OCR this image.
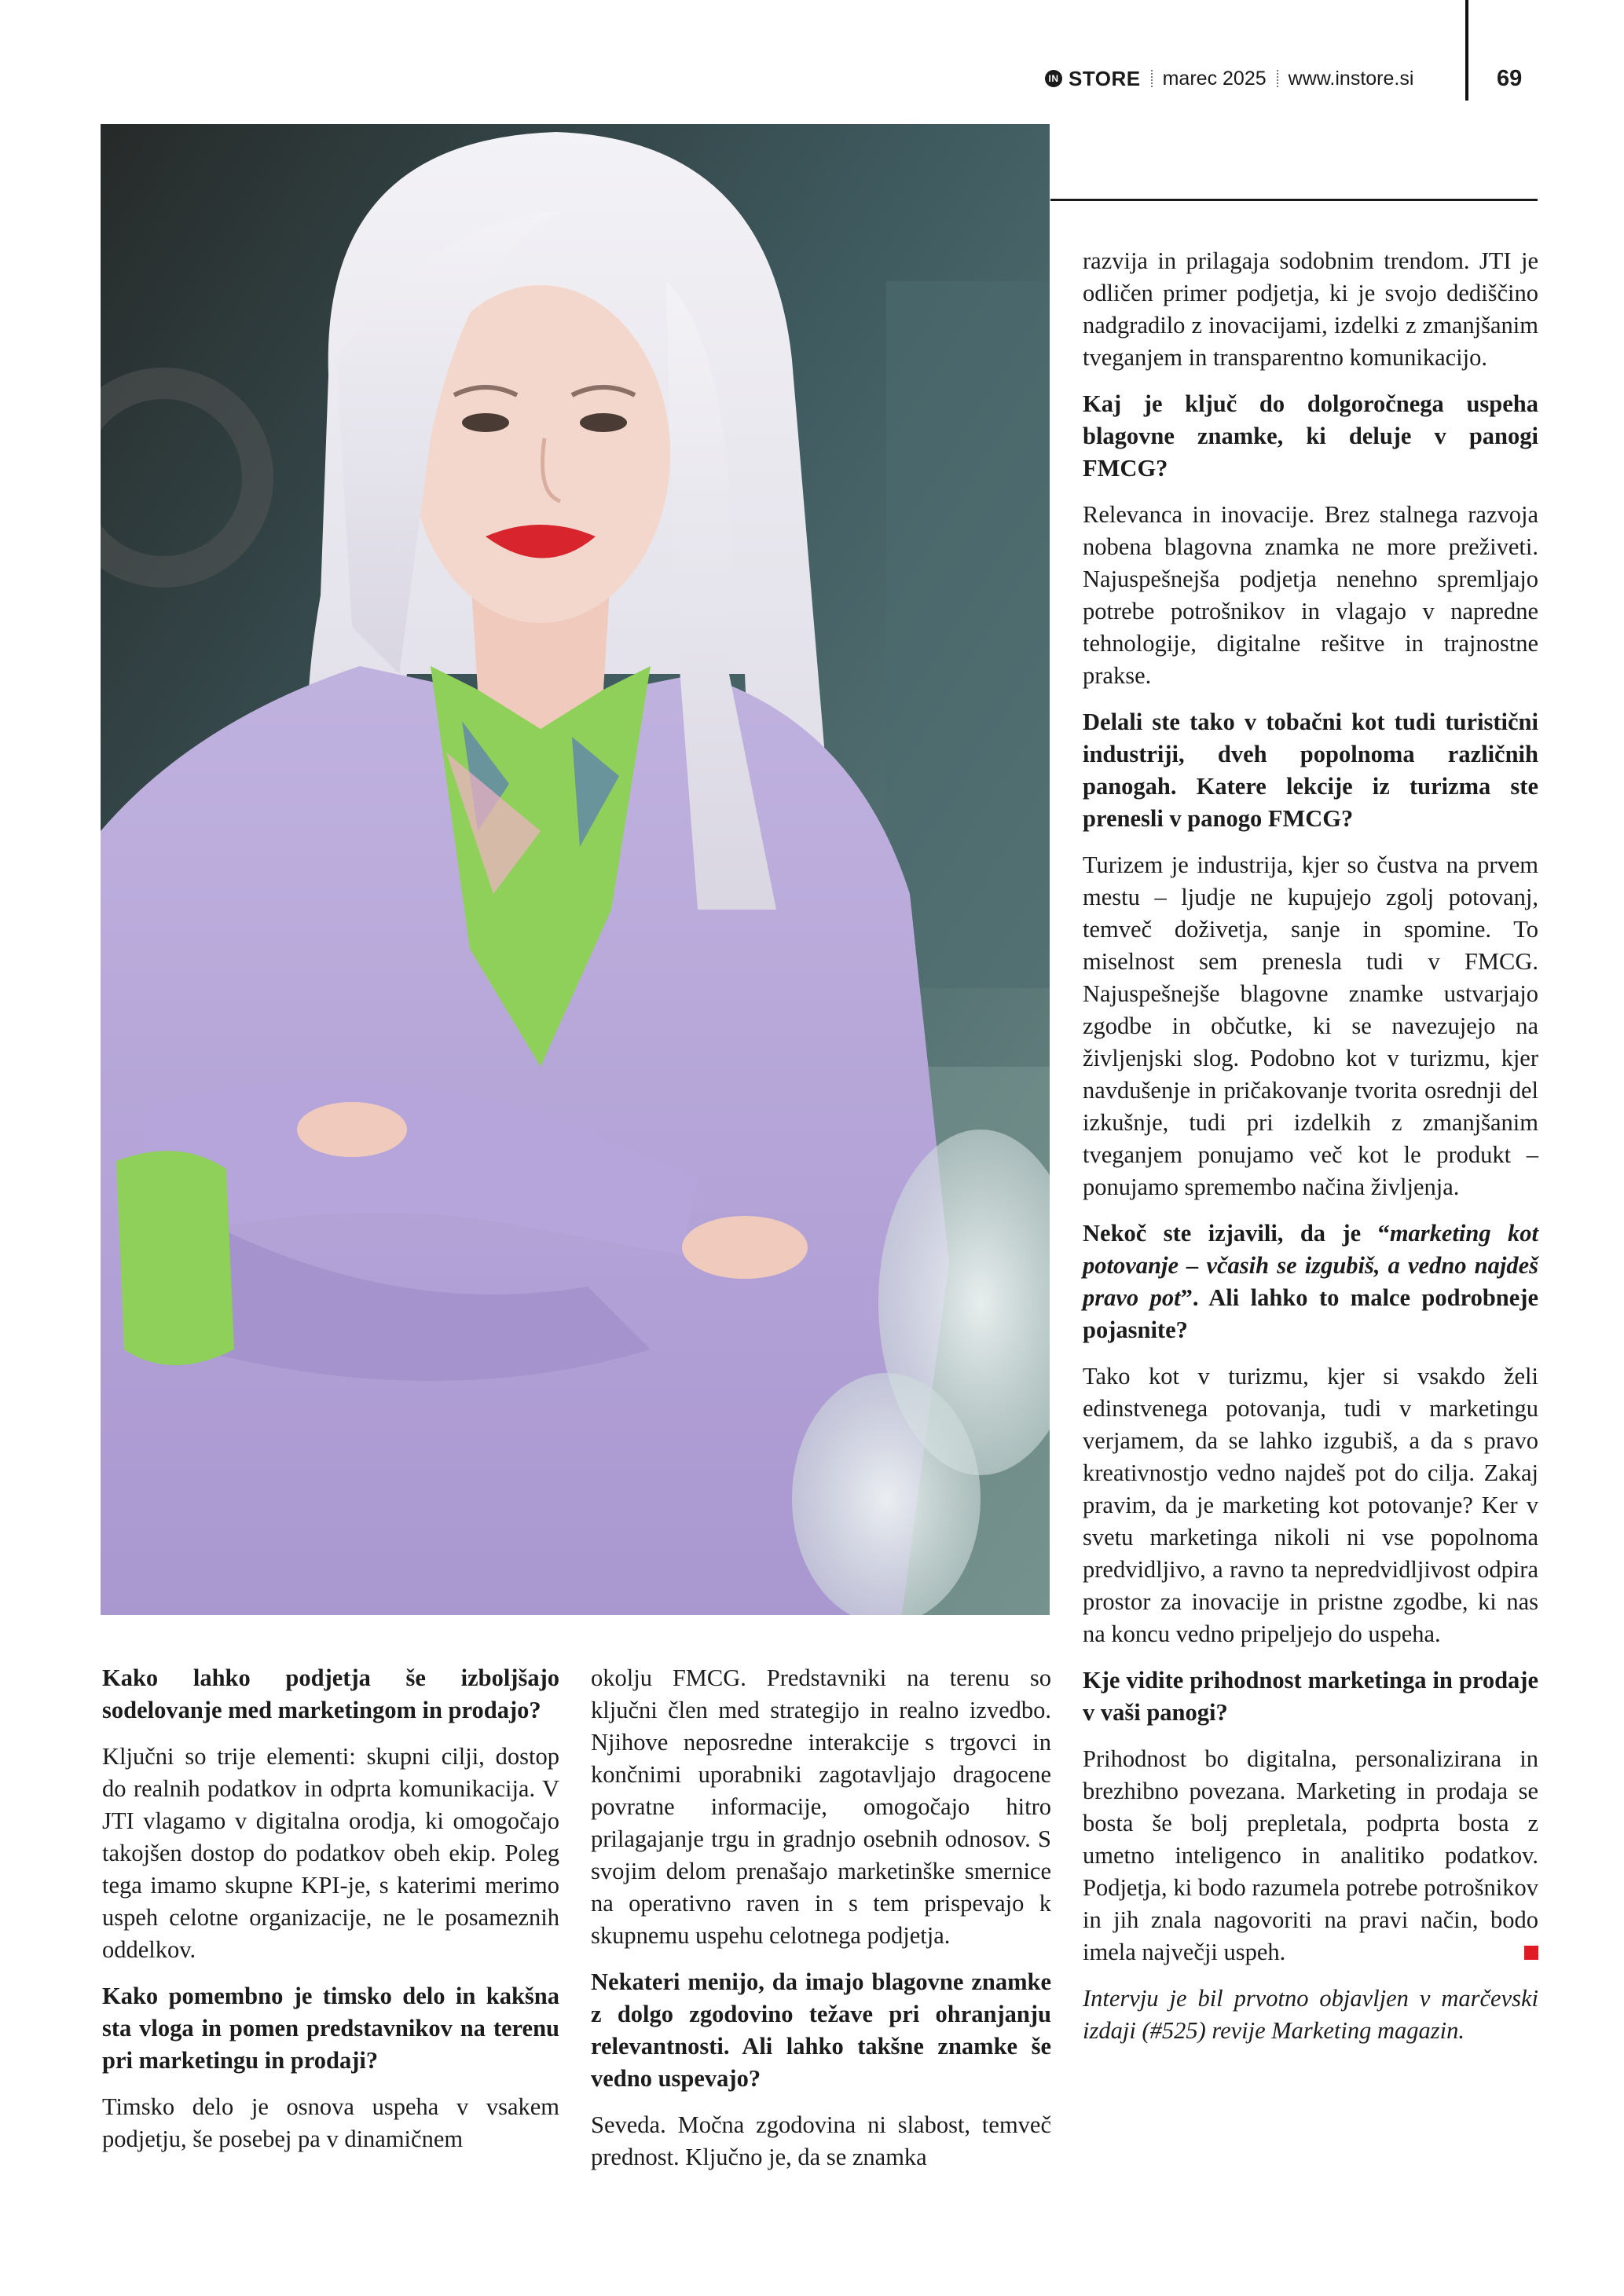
IN STORE marec 2025 www.instore.si	69

Kako lahko podjetja še izboljšajo sodelovanje med marketingom in prodajo?

Ključni so trije elementi: skupni cilji, dostop do realnih podatkov in odprta komunikacija. V JTI vlagamo v digitalna orodja, ki omogočajo takojšen dostop do podatkov obeh ekip. Poleg tega imamo skupne KPI-je, s katerimi merimo uspeh celotne organizacije, ne le posameznih oddelkov.

Kako pomembno je timsko delo in kakšna sta vloga in pomen predstavnikov na terenu pri marketingu in prodaji?

Timsko delo je osnova uspeha v vsakem podjetju, še posebej pa v dinamičnem

okolju FMCG. Predstavniki na terenu so ključni člen med strategijo in realno izvedbo. Njihove neposredne interakcije s trgovci in končnimi uporabniki zagotavljajo dragocene povratne informacije, omogočajo hitro prilagajanje trgu in gradnjo osebnih odnosov. S svojim delom prenašajo marketinške smernice na operativno raven in s tem prispevajo k skupnemu uspehu celotnega podjetja.

Nekateri menijo, da imajo blagovne znamke z dolgo zgodovino težave pri ohranjanju relevantnosti. Ali lahko takšne znamke še vedno uspevajo?

Seveda. Močna zgodovina ni slabost, temveč prednost. Ključno je, da se znamka

razvija in prilagaja sodobnim trendom. JTI je odličen primer podjetja, ki je svojo dediščino nadgradilo z inovacijami, izdelki z zmanjšanim tveganjem in transparentno komunikacijo.

Kaj je ključ do dolgoročnega uspeha blagovne znamke, ki deluje v panogi FMCG?

Relevanca in inovacije. Brez stalnega razvoja nobena blagovna znamka ne more preživeti. Najuspešnejša podjetja nenehno spremljajo potrebe potrošnikov in vlagajo v napredne tehnologije, digitalne rešitve in trajnostne prakse.

Delali ste tako v tobačni kot tudi turistični industriji, dveh popolnoma različnih panogah. Katere lekcije iz turizma ste prenesli v panogo FMCG?

Turizem je industrija, kjer so čustva na prvem mestu – ljudje ne kupujejo zgolj potovanj, temveč doživetja, sanje in spomine. To miselnost sem prenesla tudi v FMCG. Najuspešnejše blagovne znamke ustvarjajo zgodbe in občutke, ki se navezujejo na življenjski slog. Podobno kot v turizmu, kjer navdušenje in pričakovanje tvorita osrednji del izkušnje, tudi pri izdelkih z zmanjšanim tveganjem ponujamo več kot le produkt – ponujamo spremembo načina življenja.

Nekoč ste izjavili, da je “marketing kot potovanje – včasih se izgubiš, a vedno najdeš pravo pot”. Ali lahko to malce podrobneje pojasnite?

Tako kot v turizmu, kjer si vsakdo želi edinstvenega potovanja, tudi v marketingu verjamem, da se lahko izgubiš, a da s pravo kreativnostjo vedno najdeš pot do cilja. Zakaj pravim, da je marketing kot potovanje? Ker v svetu marketinga nikoli ni vse popolnoma predvidljivo, a ravno ta nepredvidljivost odpira prostor za inovacije in pristne zgodbe, ki nas na koncu vedno pripeljejo do uspeha.

Kje vidite prihodnost marketinga in prodaje v vaši panogi?

Prihodnost bo digitalna, personalizirana in brezhibno povezana. Marketing in prodaja se bosta še bolj prepletala, podprta bosta z umetno inteligenco in analitiko podatkov. Podjetja, ki bodo razumela potrebe potrošnikov in jih znala nagovoriti na pravi način, bodo imela največji uspeh.

Intervju je bil prvotno objavljen v marčevski izdaji (#525) revije Marketing magazin.
